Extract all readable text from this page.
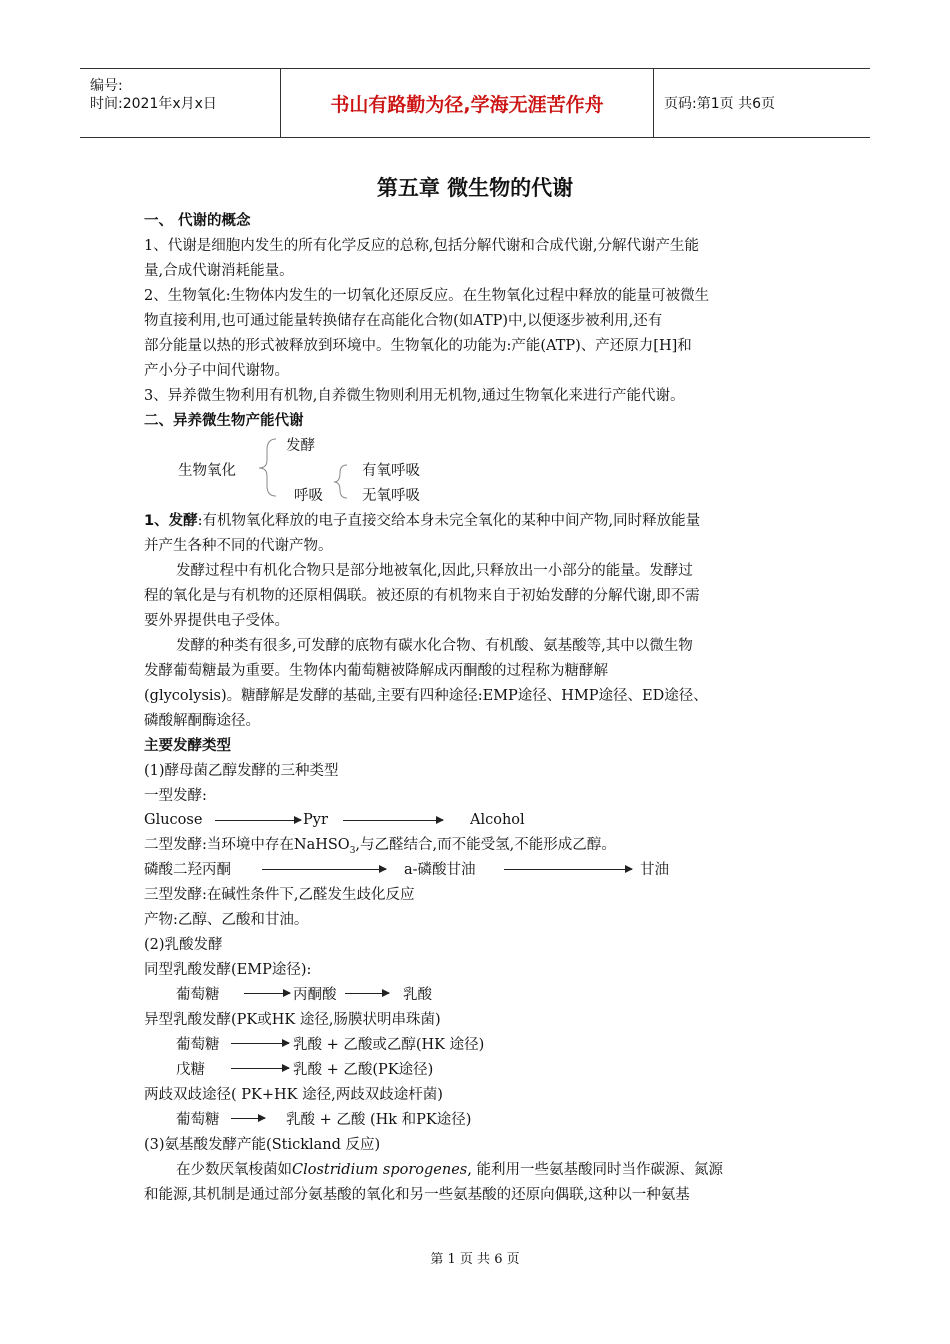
编号:
时间:2021年x月x日	书山有路勤为径,学海无涯苦作舟	页码:第1页 共6页
第五章 微生物的代谢
一、 代谢的概念
1、代谢是细胞内发生的所有化学反应的总称,包括分解代谢和合成代谢,分解代谢产生能
量,合成代谢消耗能量。
2、生物氧化:生物体内发生的一切氧化还原反应。在生物氧化过程中释放的能量可被微生
物直接利用,也可通过能量转换储存在高能化合物(如ATP)中,以便逐步被利用,还有
部分能量以热的形式被释放到环境中。生物氧化的功能为:产能(ATP)、产还原力[H]和
产小分子中间代谢物。
3、异养微生物利用有机物,自养微生物则利用无机物,通过生物氧化来进行产能代谢。
二、异养微生物产能代谢
发酵
生物氧化	有氧呼吸
呼吸	无氧呼吸
1、发酵:有机物氧化释放的电子直接交给本身未完全氧化的某种中间产物,同时释放能量
并产生各种不同的代谢产物。
发酵过程中有机化合物只是部分地被氧化,因此,只释放出一小部分的能量。发酵过
程的氧化是与有机物的还原相偶联。被还原的有机物来自于初始发酵的分解代谢,即不需
要外界提供电子受体。
发酵的种类有很多,可发酵的底物有碳水化合物、有机酸、氨基酸等,其中以微生物
发酵葡萄糖最为重要。生物体内葡萄糖被降解成丙酮酸的过程称为糖酵解
(glycolysis)。糖酵解是发酵的基础,主要有四种途径:EMP途径、HMP途径、ED途径、
磷酸解酮酶途径。
主要发酵类型
(1)酵母菌乙醇发酵的三种类型
一型发酵:
Glucose	Pyr	Alcohol
二型发酵:当环境中存在NaHSO$_3$,与乙醛结合,而不能受氢,不能形成乙醇。
磷酸二羟丙酮	a-磷酸甘油	甘油
三型发酵:在碱性条件下,乙醛发生歧化反应
产物:乙醇、乙酸和甘油。
(2)乳酸发酵
同型乳酸发酵(EMP途径):
葡萄糖	丙酮酸	乳酸
异型乳酸发酵(PK或HK 途径,肠膜状明串珠菌)
葡萄糖	乳酸 + 乙酸或乙醇(HK 途径)
戊糖	乳酸 + 乙酸(PK途径)
两歧双歧途径( PK+HK 途径,两歧双歧途杆菌)
葡萄糖	乳酸 + 乙酸 (Hk 和PK途径)
(3)氨基酸发酵产能(Stickland 反应)
在少数厌氧梭菌如Clostridium sporogenes, 能利用一些氨基酸同时当作碳源、氮源
和能源,其机制是通过部分氨基酸的氧化和另一些氨基酸的还原向偶联,这种以一种氨基
第 1 页 共 6 页
